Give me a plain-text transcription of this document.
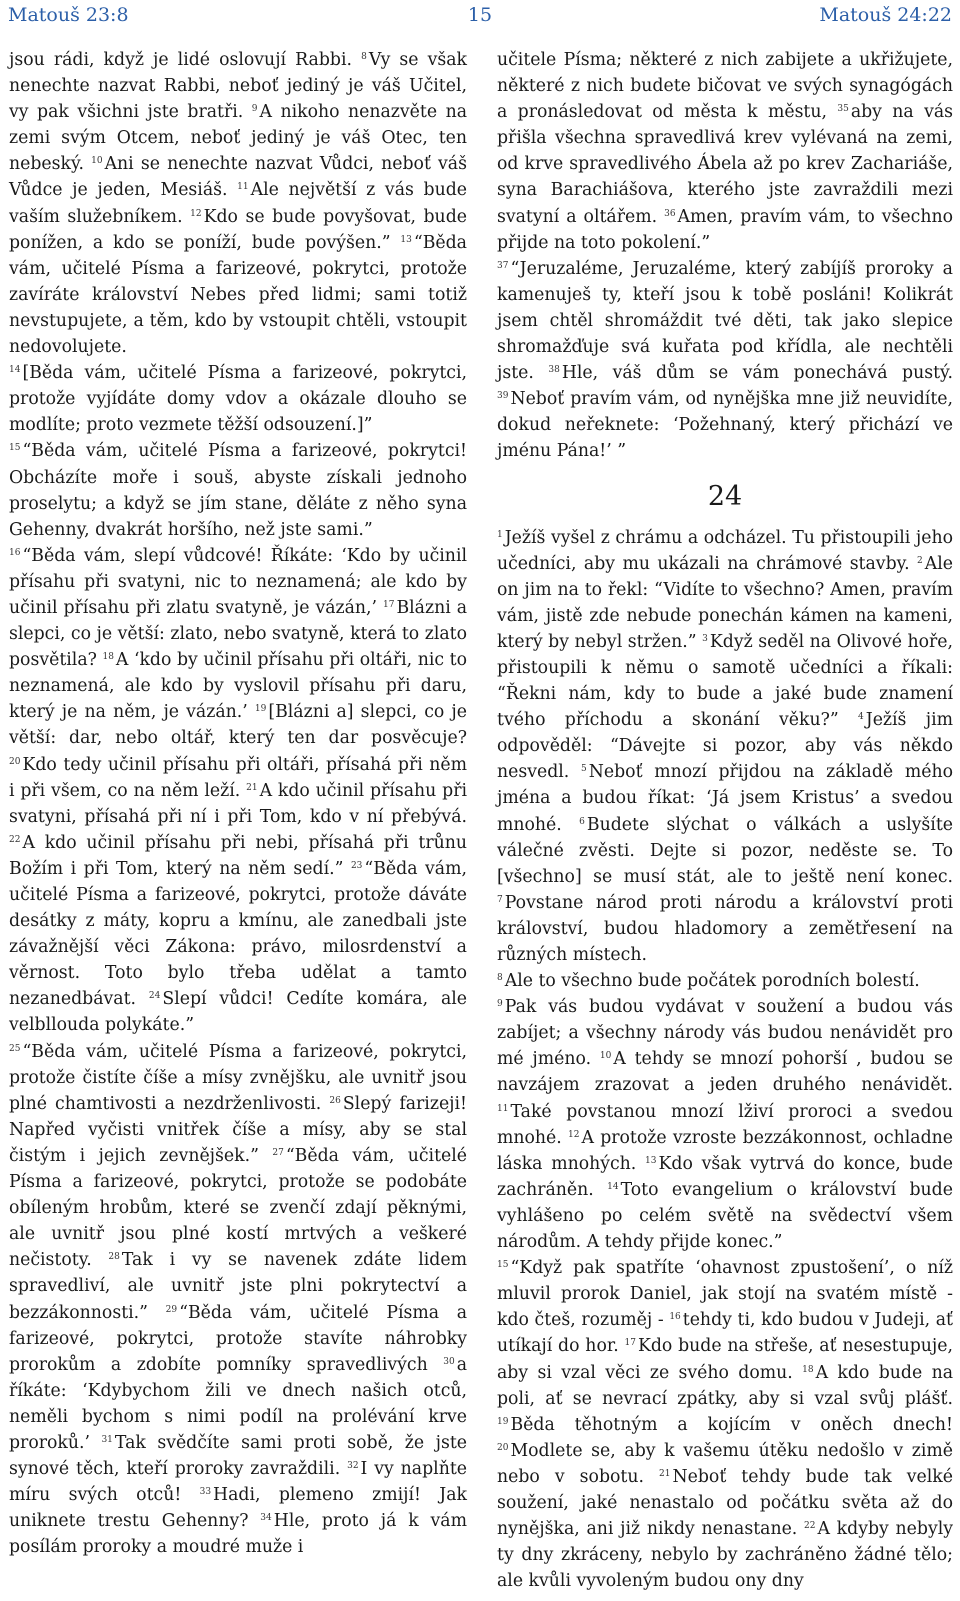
Matouš 23:8	15	Matouš 24:22

jsou rádi, když je lidé oslovují Rabbi. $^8$ Vy se však nenechte nazvat Rabbi, neboť jediný je váš Učitel, vy pak všichni jste bratři. $^9$ A nikoho nenazvěte na zemi svým Otcem, neboť jediný je váš Otec, ten nebeský. $^{10}$ Ani se nenechte nazvat Vůdci, neboť váš Vůdce je jeden, Mesiáš. $^{11}$ Ale největší z vás bude vaším služebníkem. $^{12}$ Kdo se bude povyšovat, bude ponížen, a kdo se poníží, bude povýšen.” $^{13}$ “Běda vám, učitelé Písma a farizeové, pokrytci, protože zavíráte království Nebes před lidmi; sami totiž nevstupujete, a těm, kdo by vstoupit chtěli, vstoupit nedovolujete.

$^{14}$ [Běda vám, učitelé Písma a farizeové, pokrytci, protože vyjídáte domy vdov a okázale dlouho se modlíte; proto vezmete těžší odsouzení.]”

$^{15}$ “Běda vám, učitelé Písma a farizeové, pokrytci! Obcházíte moře i souš, abyste získali jednoho proselytu; a když se jím stane, děláte z něho syna Gehenny, dvakrát horšího, než jste sami.”

$^{16}$ “Běda vám, slepí vůdcové! Říkáte: ‘Kdo by učinil přísahu při svatyni, nic to neznamená; ale kdo by učinil přísahu při zlatu svatyně, je vázán,’ $^{17}$ Blázni a slepci, co je větší: zlato, nebo svatyně, která to zlato posvětila? $^{18}$ A ‘kdo by učinil přísahu při oltáři, nic to neznamená, ale kdo by vyslovil přísahu při daru, který je na něm, je vázán.’ $^{19}$ [Blázni a] slepci, co je větší: dar, nebo oltář, který ten dar posvěcuje? $^{20}$ Kdo tedy učinil přísahu při oltáři, přísahá při něm i při všem, co na něm leží. $^{21}$ A kdo učinil přísahu při svatyni, přísahá při ní i při Tom, kdo v ní přebývá. $^{22}$ A kdo učinil přísahu při nebi, přísahá při trůnu Božím i při Tom, který na něm sedí.” $^{23}$ “Běda vám, učitelé Písma a farizeové, pokrytci, protože dáváte desátky z máty, kopru a kmínu, ale zanedbali jste závažnější věci Zákona: právo, milosrdenství a věrnost. Toto bylo třeba udělat a tamto nezanedbávat. $^{24}$ Slepí vůdci! Cedíte komára, ale velbllouda polykáte.”

$^{25}$ “Běda vám, učitelé Písma a farizeové, pokrytci, protože čistíte číše a mísy zvnějšku, ale uvnitř jsou plné chamtivosti a nezdrženlivosti. $^{26}$ Slepý farizeji! Napřed vyčisti vnitřek číše a mísy, aby se stal čistým i jejich zevnějšek.” $^{27}$ “Běda vám, učitelé Písma a farizeové, pokrytci, protože se podobáte obíleným hrobům, které se zvenčí zdají pěknými, ale uvnitř jsou plné kostí mrtvých a veškeré nečistoty. $^{28}$ Tak i vy se navenek zdáte lidem spravedliví, ale uvnitř jste plni pokrytectví a bezzákonnosti.” $^{29}$ “Běda vám, učitelé Písma a farizeové, pokrytci, protože stavíte náhrobky prorokům a zdobíte pomníky spravedlivých $^{30}$ a říkáte: ‘Kdybychom žili ve dnech našich otců, neměli bychom s nimi podíl na prolévání krve proroků.’ $^{31}$ Tak svědčíte sami proti sobě, že jste synové těch, kteří proroky zavraždili. $^{32}$ I vy naplňte míru svých otců! $^{33}$ Hadi, plemeno zmijí! Jak uniknete trestu Gehenny? $^{34}$ Hle, proto já k vám posílám proroky a moudré muže i

učitele Písma; některé z nich zabijete a ukřižujete, některé z nich budete bičovat ve svých synagógách a pronásledovat od města k městu, $^{35}$ aby na vás přišla všechna spravedlivá krev vylévaná na zemi, od krve spravedlivého Ábela až po krev Zachariáše, syna Barachiášova, kterého jste zavraždili mezi svatyní a oltářem. $^{36}$ Amen, pravím vám, to všechno přijde na toto pokolení.”

$^{37}$ “Jeruzaléme, Jeruzaléme, který zabíjíš proroky a kamenuješ ty, kteří jsou k tobě posláni! Kolikrát jsem chtěl shromáždit tvé děti, tak jako slepice shromažďuje svá kuřata pod křídla, ale nechtěli jste. $^{38}$ Hle, váš dům se vám ponechává pustý. $^{39}$ Neboť pravím vám, od nynějška mne již neuvidíte, dokud neřeknete: ‘Požehnaný, který přichází ve jménu Pána!’ ”

24

$^1$ Ježíš vyšel z chrámu a odcházel. Tu přistoupili jeho učedníci, aby mu ukázali na chrámové stavby. $^2$ Ale on jim na to řekl: “Vidíte to všechno? Amen, pravím vám, jistě zde nebude ponechán kámen na kameni, který by nebyl stržen.” $^3$ Když seděl na Olivové hoře, přistoupili k němu o samotě učedníci a říkali: “Řekni nám, kdy to bude a jaké bude znamení tvého příchodu a skonání věku?” $^4$ Ježíš jim odpověděl: “Dávejte si pozor, aby vás někdo nesvedl. $^5$ Neboť mnozí přijdou na základě mého jména a budou říkat: ‘Já jsem Kristus’ a svedou mnohé. $^6$ Budete slýchat o válkách a uslyšíte válečné zvěsti. Dejte si pozor, neděste se. To [všechno] se musí stát, ale to ještě není konec. $^7$ Povstane národ proti národu a království proti království, budou hladomory a zemětřesení na různých místech.

$^8$ Ale to všechno bude počátek porodních bolestí.

$^9$ Pak vás budou vydávat v soužení a budou vás zabíjet; a všechny národy vás budou nenávidět pro mé jméno. $^{10}$ A tehdy se mnozí pohorší , budou se navzájem zrazovat a jeden druhého nenávidět. $^{11}$ Také povstanou mnozí lživí proroci a svedou mnohé. $^{12}$ A protože vzroste bezzákonnost, ochladne láska mnohých. $^{13}$ Kdo však vytrvá do konce, bude zachráněn. $^{14}$ Toto evangelium o království bude vyhlášeno po celém světě na svědectví všem národům. A tehdy přijde konec.”

$^{15}$ “Když pak spatříte ‘ohavnost zpustošení’, o níž mluvil prorok Daniel, jak stojí na svatém místě - kdo čteš, rozuměj - $^{16}$ tehdy ti, kdo budou v Judeji, ať utíkají do hor. $^{17}$ Kdo bude na střeše, ať nesestupuje, aby si vzal věci ze svého domu. $^{18}$ A kdo bude na poli, ať se nevrací zpátky, aby si vzal svůj plášť. $^{19}$ Běda těhotným a kojícím v oněch dnech! $^{20}$ Modlete se, aby k vašemu útěku nedošlo v zimě nebo v sobotu. $^{21}$ Neboť tehdy bude tak velké soužení, jaké nenastalo od počátku světa až do nynějška, ani již nikdy nenastane. $^{22}$ A kdyby nebyly ty dny zkráceny, nebylo by zachráněno žádné tělo; ale kvůli vyvoleným budou ony dny
